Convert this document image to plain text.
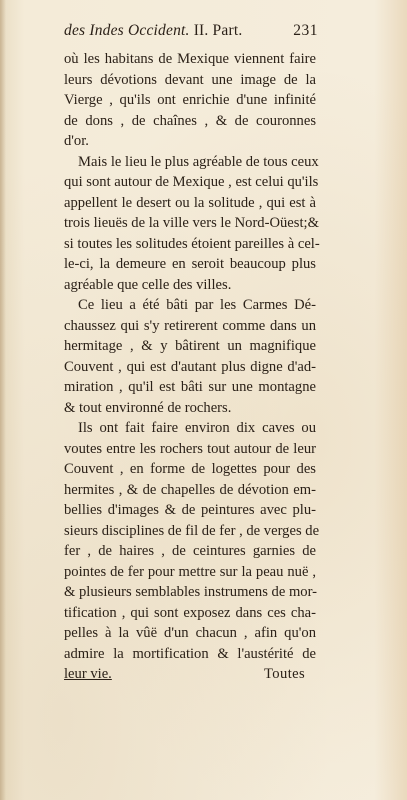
des Indes Occident. II. Part.	231
où les habitans de Mexique viennent faire
leurs dévotions devant une image de la
Vierge , qu'ils ont enrichie d'une infinité
de dons , de chaînes , & de couronnes
d'or.
Mais le lieu le plus agréable de tous ceux
qui sont autour de Mexique , est celui qu'ils
appellent le desert ou la solitude , qui est à
trois lieuës de la ville vers le Nord-Oüest;&
si toutes les solitudes étoient pareilles à cel-
le-ci, la demeure en seroit beaucoup plus
agréable que celle des villes.
Ce lieu a été bâti par les Carmes Dé-
chaussez qui s'y retirerent comme dans un
hermitage , & y bâtirent un magnifique
Couvent , qui est d'autant plus digne d'ad-
miration , qu'il est bâti sur une montagne
& tout environné de rochers.
Ils ont fait faire environ dix caves ou
voutes entre les rochers tout autour de leur
Couvent , en forme de logettes pour des
hermites , & de chapelles de dévotion em-
bellies d'images & de peintures avec plu-
sieurs disciplines de fil de fer , de verges de
fer , de haires , de ceintures garnies de
pointes de fer pour mettre sur la peau nuë ,
& plusieurs semblables instrumens de mor-
tification , qui sont exposez dans ces cha-
pelles à la vûë d'un chacun , afin qu'on
admire la mortification & l'austérité de
leur vie.	Toutes
